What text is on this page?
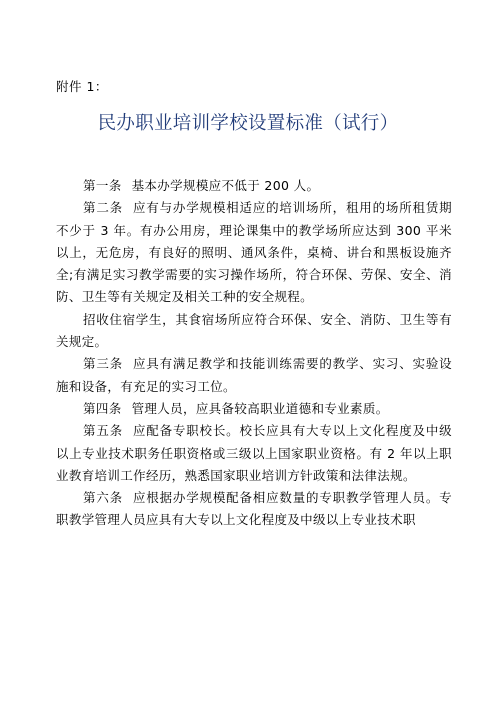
附件 1：
民办职业培训学校设置标准（试行）

第一条 基本办学规模应不低于 200 人。

第二条 应有与办学规模相适应的培训场所，租用的场所租赁期不少于 3 年。有办公用房，理论课集中的教学场所应达到 300 平米以上，无危房，有良好的照明、通风条件，桌椅、讲台和黑板设施齐全;有满足实习教学需要的实习操作场所，符合环保、劳保、安全、消防、卫生等有关规定及相关工种的安全规程。

招收住宿学生，其食宿场所应符合环保、安全、消防、卫生等有关规定。

第三条 应具有满足教学和技能训练需要的教学、实习、实验设施和设备，有充足的实习工位。

第四条 管理人员，应具备较高职业道德和专业素质。

第五条 应配备专职校长。校长应具有大专以上文化程度及中级以上专业技术职务任职资格或三级以上国家职业资格。有 2 年以上职业教育培训工作经历，熟悉国家职业培训方针政策和法律法规。

第六条 应根据办学规模配备相应数量的专职教学管理人员。专职教学管理人员应具有大专以上文化程度及中级以上专业技术职
